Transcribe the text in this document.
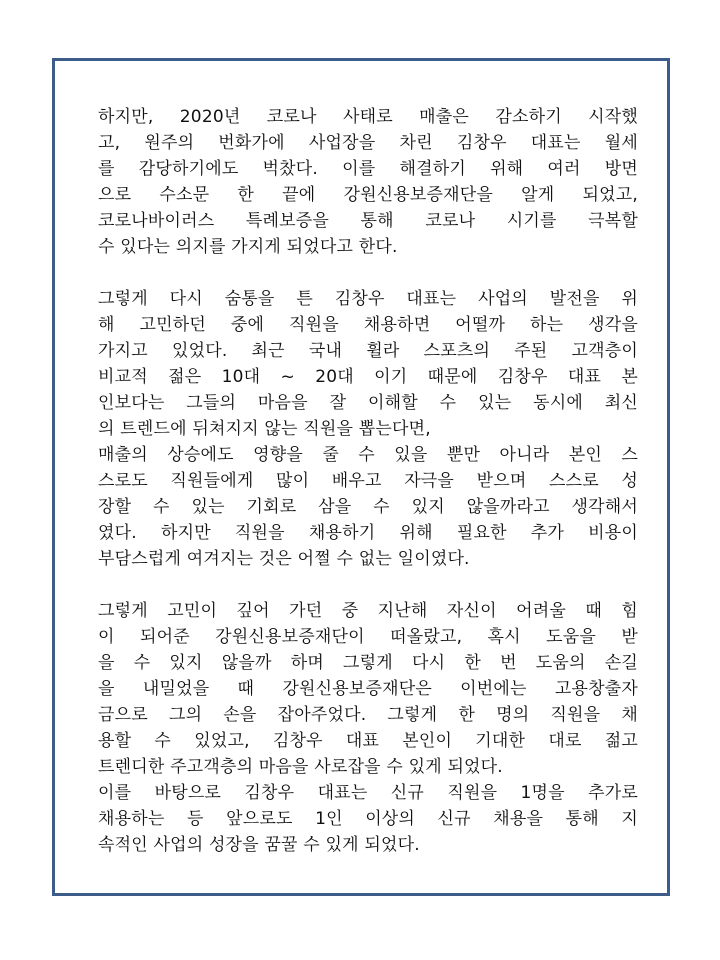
하지만, 2020년 코로나 사태로 매출은 감소하기 시작했
고, 원주의 번화가에 사업장을 차린 김창우 대표는 월세
를 감당하기에도 벅찼다. 이를 해결하기 위해 여러 방면
으로 수소문 한 끝에 강원신용보증재단을 알게 되었고,
코로나바이러스 특례보증을 통해 코로나 시기를 극복할
수 있다는 의지를 가지게 되었다고 한다.
그렇게 다시 숨통을 튼 김창우 대표는 사업의 발전을 위
해 고민하던 중에 직원을 채용하면 어떨까 하는 생각을
가지고 있었다. 최근 국내 휠라 스포츠의 주된 고객층이
비교적 젊은 10대 ~ 20대 이기 때문에 김창우 대표 본
인보다는 그들의 마음을 잘 이해할 수 있는 동시에 최신
의 트렌드에 뒤쳐지지 않는 직원을 뽑는다면,
매출의 상승에도 영향을 줄 수 있을 뿐만 아니라 본인 스
스로도 직원들에게 많이 배우고 자극을 받으며 스스로 성
장할 수 있는 기회로 삼을 수 있지 않을까라고 생각해서
였다. 하지만 직원을 채용하기 위해 필요한 추가 비용이
부담스럽게 여겨지는 것은 어쩔 수 없는 일이였다.
그렇게 고민이 깊어 가던 중 지난해 자신이 어려울 때 힘
이 되어준 강원신용보증재단이 떠올랐고, 혹시 도움을 받
을 수 있지 않을까 하며 그렇게 다시 한 번 도움의 손길
을 내밀었을 때 강원신용보증재단은 이번에는 고용창출자
금으로 그의 손을 잡아주었다. 그렇게 한 명의 직원을 채
용할 수 있었고, 김창우 대표 본인이 기대한 대로 젊고
트렌디한 주고객층의 마음을 사로잡을 수 있게 되었다.
이를 바탕으로 김창우 대표는 신규 직원을 1명을 추가로
채용하는 등 앞으로도 1인 이상의 신규 채용을 통해 지
속적인 사업의 성장을 꿈꿀 수 있게 되었다.
